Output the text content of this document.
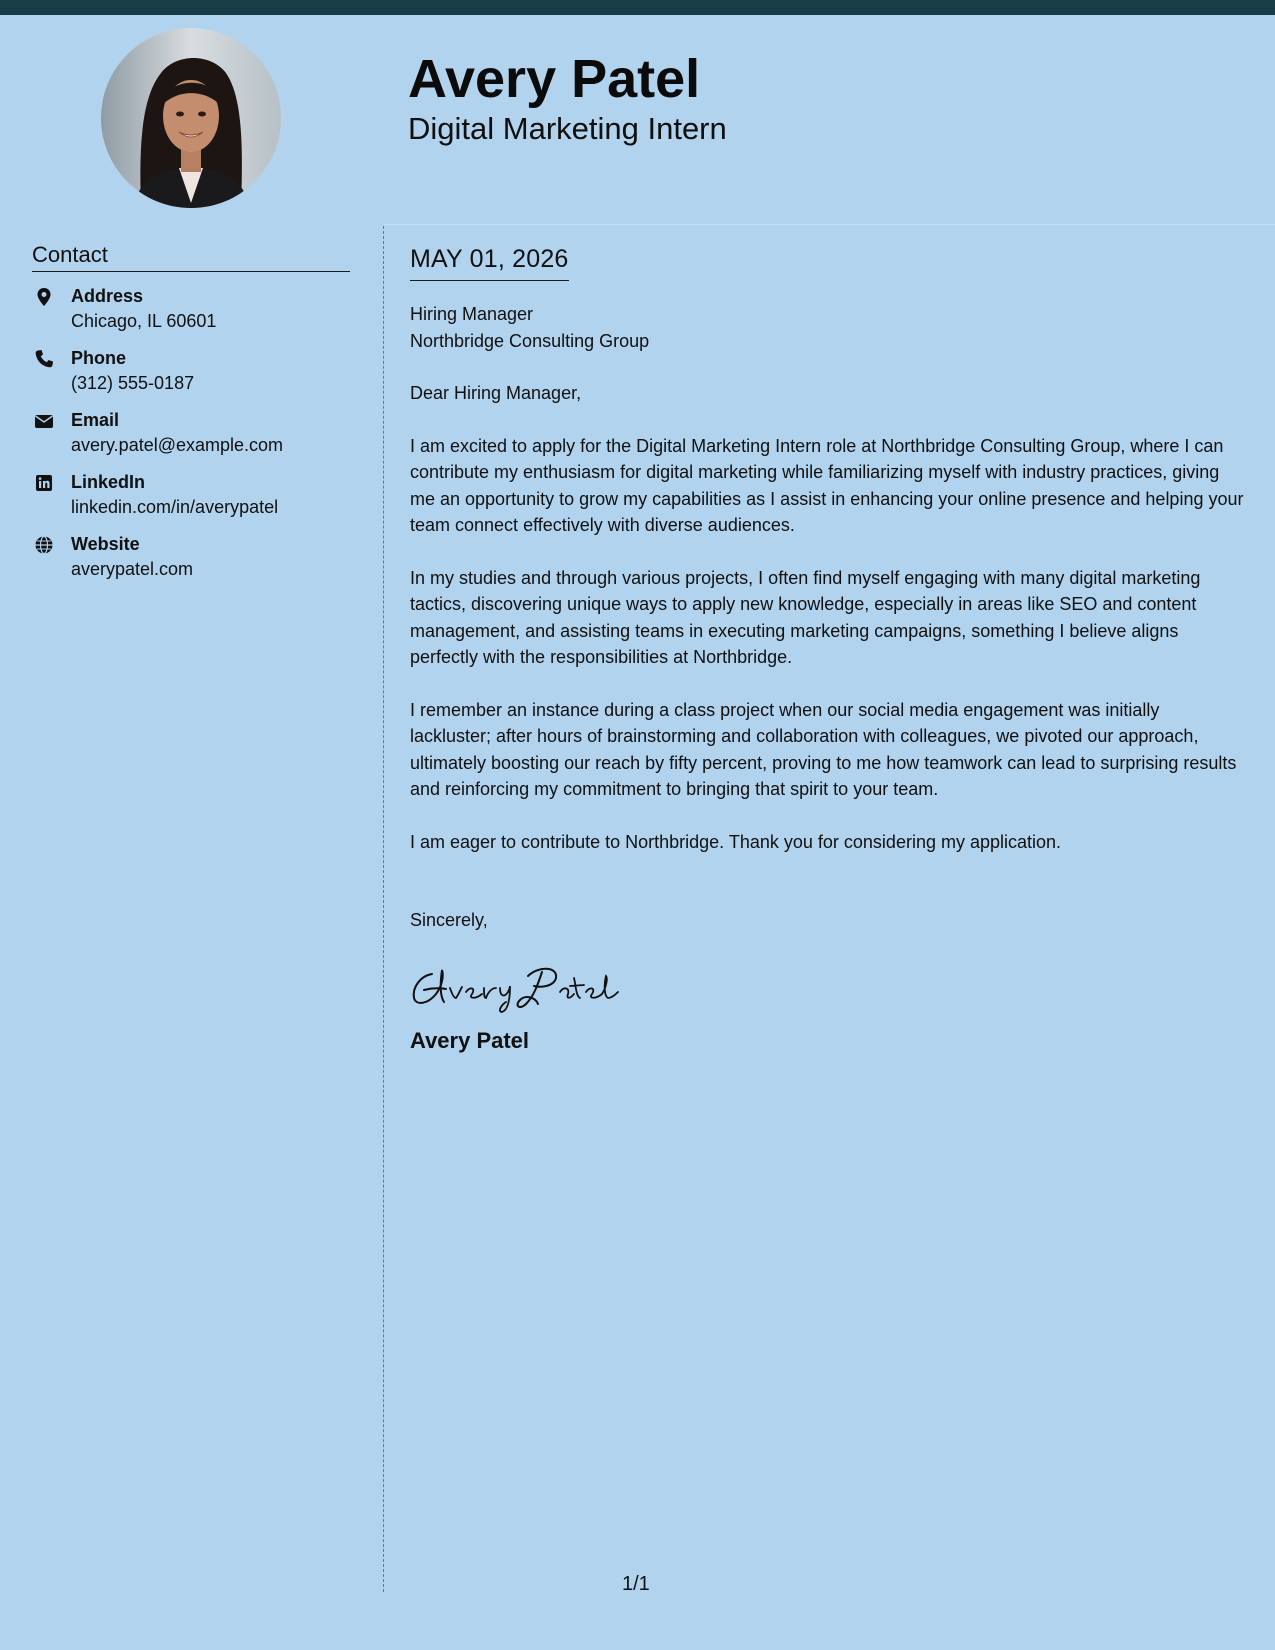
Avery Patel
Digital Marketing Intern
Contact
Address
Chicago, IL 60601
Phone
(312) 555-0187
Email
avery.patel@example.com
LinkedIn
linkedin.com/in/averypatel
Website
averypatel.com
MAY 01, 2026
Hiring Manager
Northbridge Consulting Group
Dear Hiring Manager,
I am excited to apply for the Digital Marketing Intern role at Northbridge Consulting Group, where I can contribute my enthusiasm for digital marketing while familiarizing myself with industry practices, giving me an opportunity to grow my capabilities as I assist in enhancing your online presence and helping your team connect effectively with diverse audiences.
In my studies and through various projects, I often find myself engaging with many digital marketing tactics, discovering unique ways to apply new knowledge, especially in areas like SEO and content management, and assisting teams in executing marketing campaigns, something I believe aligns perfectly with the responsibilities at Northbridge.
I remember an instance during a class project when our social media engagement was initially lackluster; after hours of brainstorming and collaboration with colleagues, we pivoted our approach, ultimately boosting our reach by fifty percent, proving to me how teamwork can lead to surprising results and reinforcing my commitment to bringing that spirit to your team.
I am eager to contribute to Northbridge. Thank you for considering my application.
Sincerely,
Avery Patel
1/1
